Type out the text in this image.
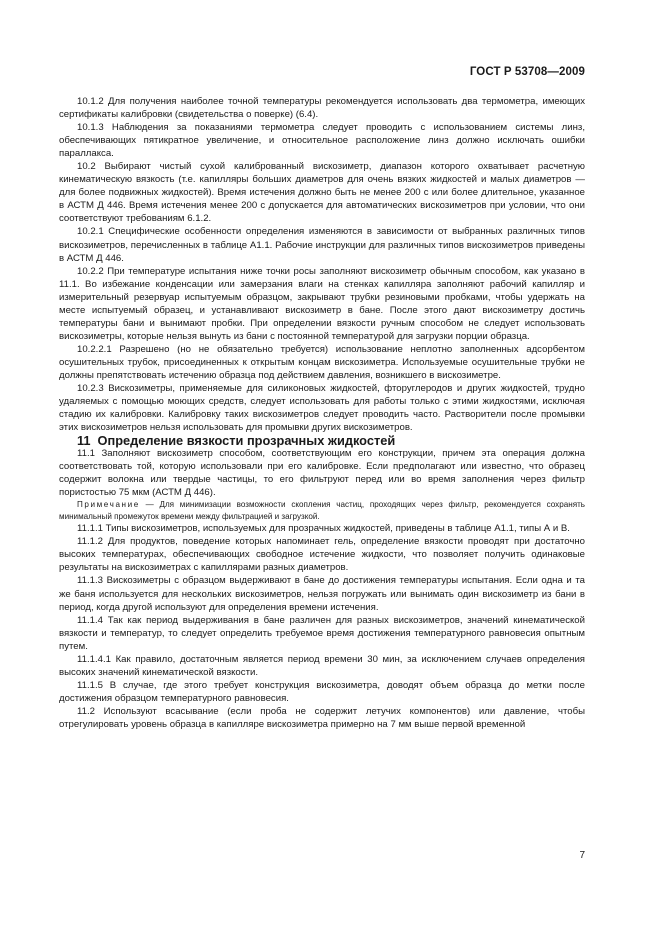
ГОСТ Р 53708—2009

10.1.2 Для получения наиболее точной температуры рекомендуется использовать два термометра, имеющих сертификаты калибровки (свидетельства о поверке) (6.4).

10.1.3 Наблюдения за показаниями термометра следует проводить с использованием системы линз, обеспечивающих пятикратное увеличение, и относительное расположение линз должно исключать ошибки параллакса.

10.2 Выбирают чистый сухой калиброванный вискозиметр, диапазон которого охватывает расчетную кинематическую вязкость (т.е. капилляры больших диаметров для очень вязких жидкостей и малых диаметров — для более подвижных жидкостей). Время истечения должно быть не менее 200 с или более длительное, указанное в АСТМ Д 446. Время истечения менее 200 с допускается для автоматических вискозиметров при условии, что они соответствуют требованиям 6.1.2.

10.2.1 Специфические особенности определения изменяются в зависимости от выбранных различных типов вискозиметров, перечисленных в таблице А1.1. Рабочие инструкции для различных типов вискозиметров приведены в АСТМ Д 446.

10.2.2 При температуре испытания ниже точки росы заполняют вискозиметр обычным способом, как указано в 11.1. Во избежание конденсации или замерзания влаги на стенках капилляра заполняют рабочий капилляр и измерительный резервуар испытуемым образцом, закрывают трубки резиновыми пробками, чтобы удержать на месте испытуемый образец, и устанавливают вискозиметр в бане. После этого дают вискозиметру достичь температуры бани и вынимают пробки. При определении вязкости ручным способом не следует использовать вискозиметры, которые нельзя вынуть из бани с постоянной температурой для загрузки порции образца.

10.2.2.1 Разрешено (но не обязательно требуется) использование неплотно заполненных адсорбентом осушительных трубок, присоединенных к открытым концам вискозиметра. Используемые осушительные трубки не должны препятствовать истечению образца под действием давления, возникшего в вискозиметре.

10.2.3 Вискозиметры, применяемые для силиконовых жидкостей, фторуглеродов и других жидкостей, трудно удаляемых с помощью моющих средств, следует использовать для работы только с этими жидкостями, исключая стадию их калибровки. Калибровку таких вискозиметров следует проводить часто. Растворители после промывки этих вискозиметров нельзя использовать для промывки других вискозиметров.

11 Определение вязкости прозрачных жидкостей

11.1 Заполняют вискозиметр способом, соответствующим его конструкции, причем эта операция должна соответствовать той, которую использовали при его калибровке. Если предполагают или известно, что образец содержит волокна или твердые частицы, то его фильтруют перед или во время заполнения через фильтр пористостью 75 мкм (АСТМ Д 446).

Примечание — Для минимизации возможности скопления частиц, проходящих через фильтр, рекомендуется сохранять минимальный промежуток времени между фильтрацией и загрузкой.

11.1.1 Типы вискозиметров, используемых для прозрачных жидкостей, приведены в таблице А1.1, типы А и В.

11.1.2 Для продуктов, поведение которых напоминает гель, определение вязкости проводят при достаточно высоких температурах, обеспечивающих свободное истечение жидкости, что позволяет получить одинаковые результаты на вискозиметрах с капиллярами разных диаметров.

11.1.3 Вискозиметры с образцом выдерживают в бане до достижения температуры испытания. Если одна и та же баня используется для нескольких вискозиметров, нельзя погружать или вынимать один вискозиметр из бани в период, когда другой используют для определения времени истечения.

11.1.4 Так как период выдерживания в бане различен для разных вискозиметров, значений кинематической вязкости и температур, то следует определить требуемое время достижения температурного равновесия опытным путем.

11.1.4.1 Как правило, достаточным является период времени 30 мин, за исключением случаев определения высоких значений кинематической вязкости.

11.1.5 В случае, где этого требует конструкция вискозиметра, доводят объем образца до метки после достижения образцом температурного равновесия.

11.2 Используют всасывание (если проба не содержит летучих компонентов) или давление, чтобы отрегулировать уровень образца в капилляре вискозиметра примерно на 7 мм выше первой временной

7
